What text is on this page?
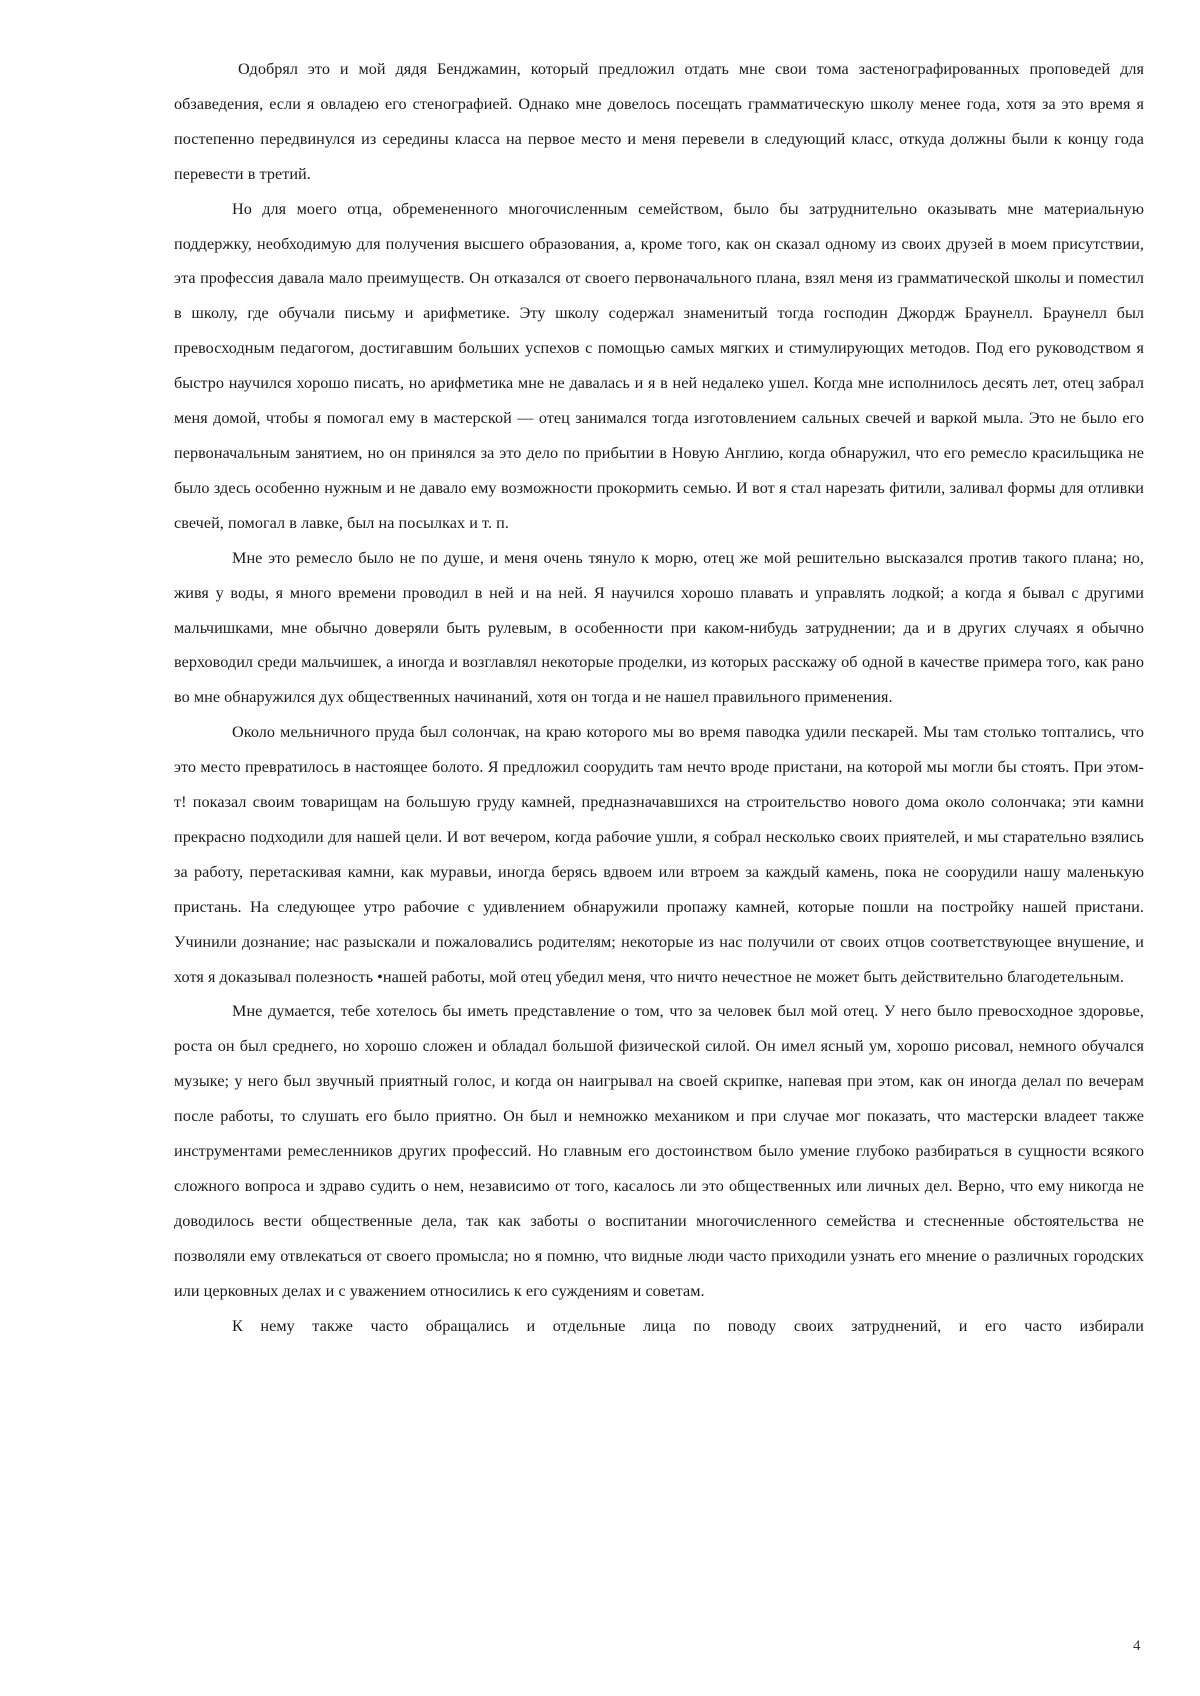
Одобрял это и мой дядя Бенджамин, который предложил отдать мне свои тома застенографированных проповедей для обзаведения, если я овладею его стенографией. Однако мне довелось посещать грамматическую школу менее года, хотя за это время я постепенно передвинулся из середины класса на первое место и меня перевели в следующий класс, откуда должны были к концу года перевести в третий.

Но для моего отца, обремененного многочисленным семейством, было бы затруднительно оказывать мне материальную поддержку, необходимую для получения высшего образования, а, кроме того, как он сказал одному из своих друзей в моем присутствии, эта профессия давала мало преимуществ. Он отказался от своего первоначального плана, взял меня из грамматической школы и поместил в школу, где обучали письму и арифметике. Эту школу содержал знаменитый тогда господин Джордж Браунелл. Браунелл был превосходным педагогом, достигавшим больших успехов с помощью самых мягких и стимулирующих методов. Под его руководством я быстро научился хорошо писать, но арифметика мне не давалась и я в ней недалеко ушел. Когда мне исполнилось десять лет, отец забрал меня домой, чтобы я помогал ему в мастерской — отец занимался тогда изготовлением сальных свечей и варкой мыла. Это не было его первоначальным занятием, но он принялся за это дело по прибытии в Новую Англию, когда обнаружил, что его ремесло красильщика не было здесь особенно нужным и не давало ему возможности прокормить семью. И вот я стал нарезать фитили, заливал формы для отливки свечей, помогал в лавке, был на посылках и т. п.

Мне это ремесло было не по душе, и меня очень тянуло к морю, отец же мой решительно высказался против такого плана; но, живя у воды, я много времени проводил в ней и на ней. Я научился хорошо плавать и управлять лодкой; а когда я бывал с другими мальчишками, мне обычно доверяли быть рулевым, в особенности при каком-нибудь затруднении; да и в других случаях я обычно верховодил среди мальчишек, а иногда и возглавлял некоторые проделки, из которых расскажу об одной в качестве примера того, как рано во мне обнаружился дух общественных начинаний, хотя он тогда и не нашел правильного применения.

Около мельничного пруда был солончак, на краю которого мы во время паводка удили пескарей. Мы там столько топтались, что это место превратилось в настоящее болото. Я предложил соорудить там нечто вроде пристани, на которой мы могли бы стоять. При этом-т! показал своим товарищам на большую груду камней, предназначавшихся на строительство нового дома около солончака; эти камни прекрасно подходили для нашей цели. И вот вечером, когда рабочие ушли, я собрал несколько своих приятелей, и мы старательно взялись за работу, перетаскивая камни, как муравьи, иногда берясь вдвоем или втроем за каждый камень, пока не соорудили нашу маленькую пристань. На следующее утро рабочие с удивлением обнаружили пропажу камней, которые пошли на постройку нашей пристани. Учинили дознание; нас разыскали и пожаловались родителям; некоторые из нас получили от своих отцов соответствующее внушение, и хотя я доказывал полезность •нашей работы, мой отец убедил меня, что ничто нечестное не может быть действительно благодетельным.

Мне думается, тебе хотелось бы иметь представление о том, что за человек был мой отец. У него было превосходное здоровье, роста он был среднего, но хорошо сложен и обладал большой физической силой. Он имел ясный ум, хорошо рисовал, немного обучался музыке; у него был звучный приятный голос, и когда он наигрывал на своей скрипке, напевая при этом, как он иногда делал по вечерам после работы, то слушать его было приятно. Он был и немножко механиком и при случае мог показать, что мастерски владеет также инструментами ремесленников других профессий. Но главным его достоинством было умение глубоко разбираться в сущности всякого сложного вопроса и здраво судить о нем, независимо от того, касалось ли это общественных или личных дел. Верно, что ему никогда не доводилось вести общественные дела, так как заботы о воспитании многочисленного семейства и стесненные обстоятельства не позволяли ему отвлекаться от своего промысла; но я помню, что видные люди часто приходили узнать его мнение о различных городских или церковных делах и с уважением относились к его суждениям и советам.

К нему также часто обращались и отдельные лица по поводу своих затруднений, и его часто избирали

4
